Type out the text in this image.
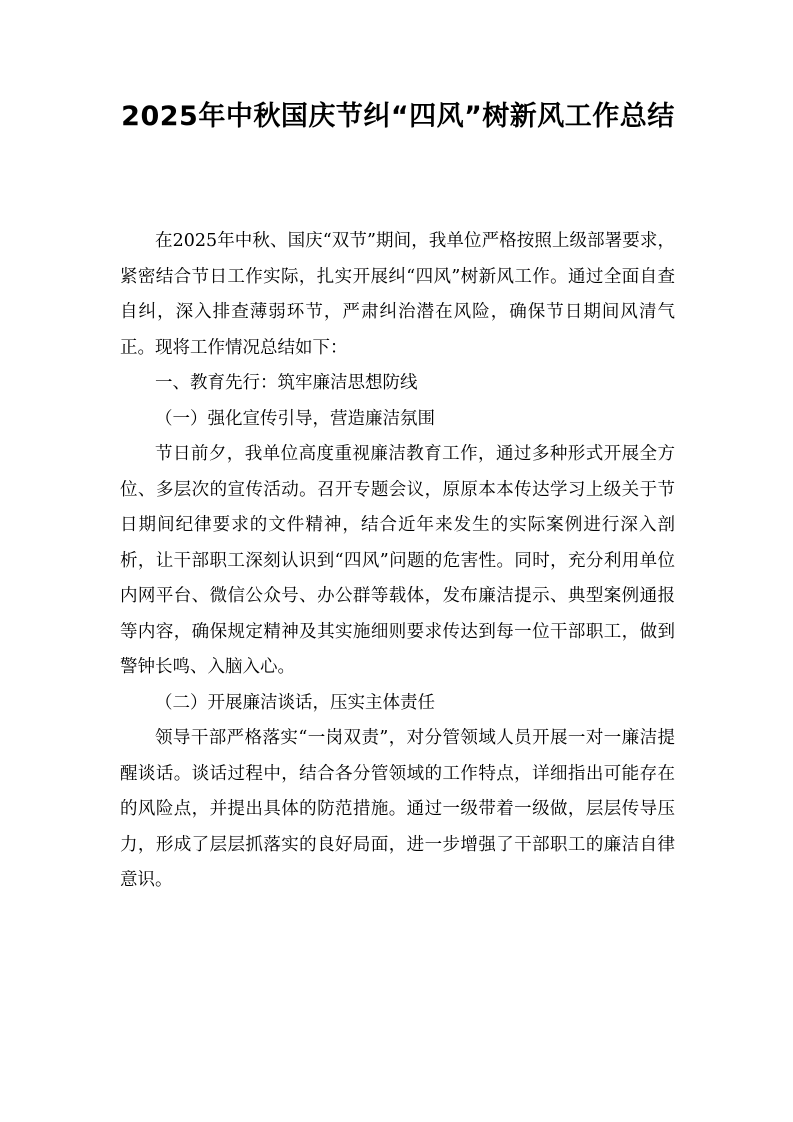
2025年中秋国庆节纠“四风”树新风工作总结

在2025年中秋、国庆“双节”期间，我单位严格按照上级部署要求，紧密结合节日工作实际，扎实开展纠“四风”树新风工作。通过全面自查自纠，深入排查薄弱环节，严肃纠治潜在风险，确保节日期间风清气正。现将工作情况总结如下：

一、教育先行：筑牢廉洁思想防线

（一）强化宣传引导，营造廉洁氛围

节日前夕，我单位高度重视廉洁教育工作，通过多种形式开展全方位、多层次的宣传活动。召开专题会议，原原本本传达学习上级关于节日期间纪律要求的文件精神，结合近年来发生的实际案例进行深入剖析，让干部职工深刻认识到“四风”问题的危害性。同时，充分利用单位内网平台、微信公众号、办公群等载体，发布廉洁提示、典型案例通报等内容，确保规定精神及其实施细则要求传达到每一位干部职工，做到警钟长鸣、入脑入心。

（二）开展廉洁谈话，压实主体责任

领导干部严格落实“一岗双责”，对分管领域人员开展一对一廉洁提醒谈话。谈话过程中，结合各分管领域的工作特点，详细指出可能存在的风险点，并提出具体的防范措施。通过一级带着一级做，层层传导压力，形成了层层抓落实的良好局面，进一步增强了干部职工的廉洁自律意识。
